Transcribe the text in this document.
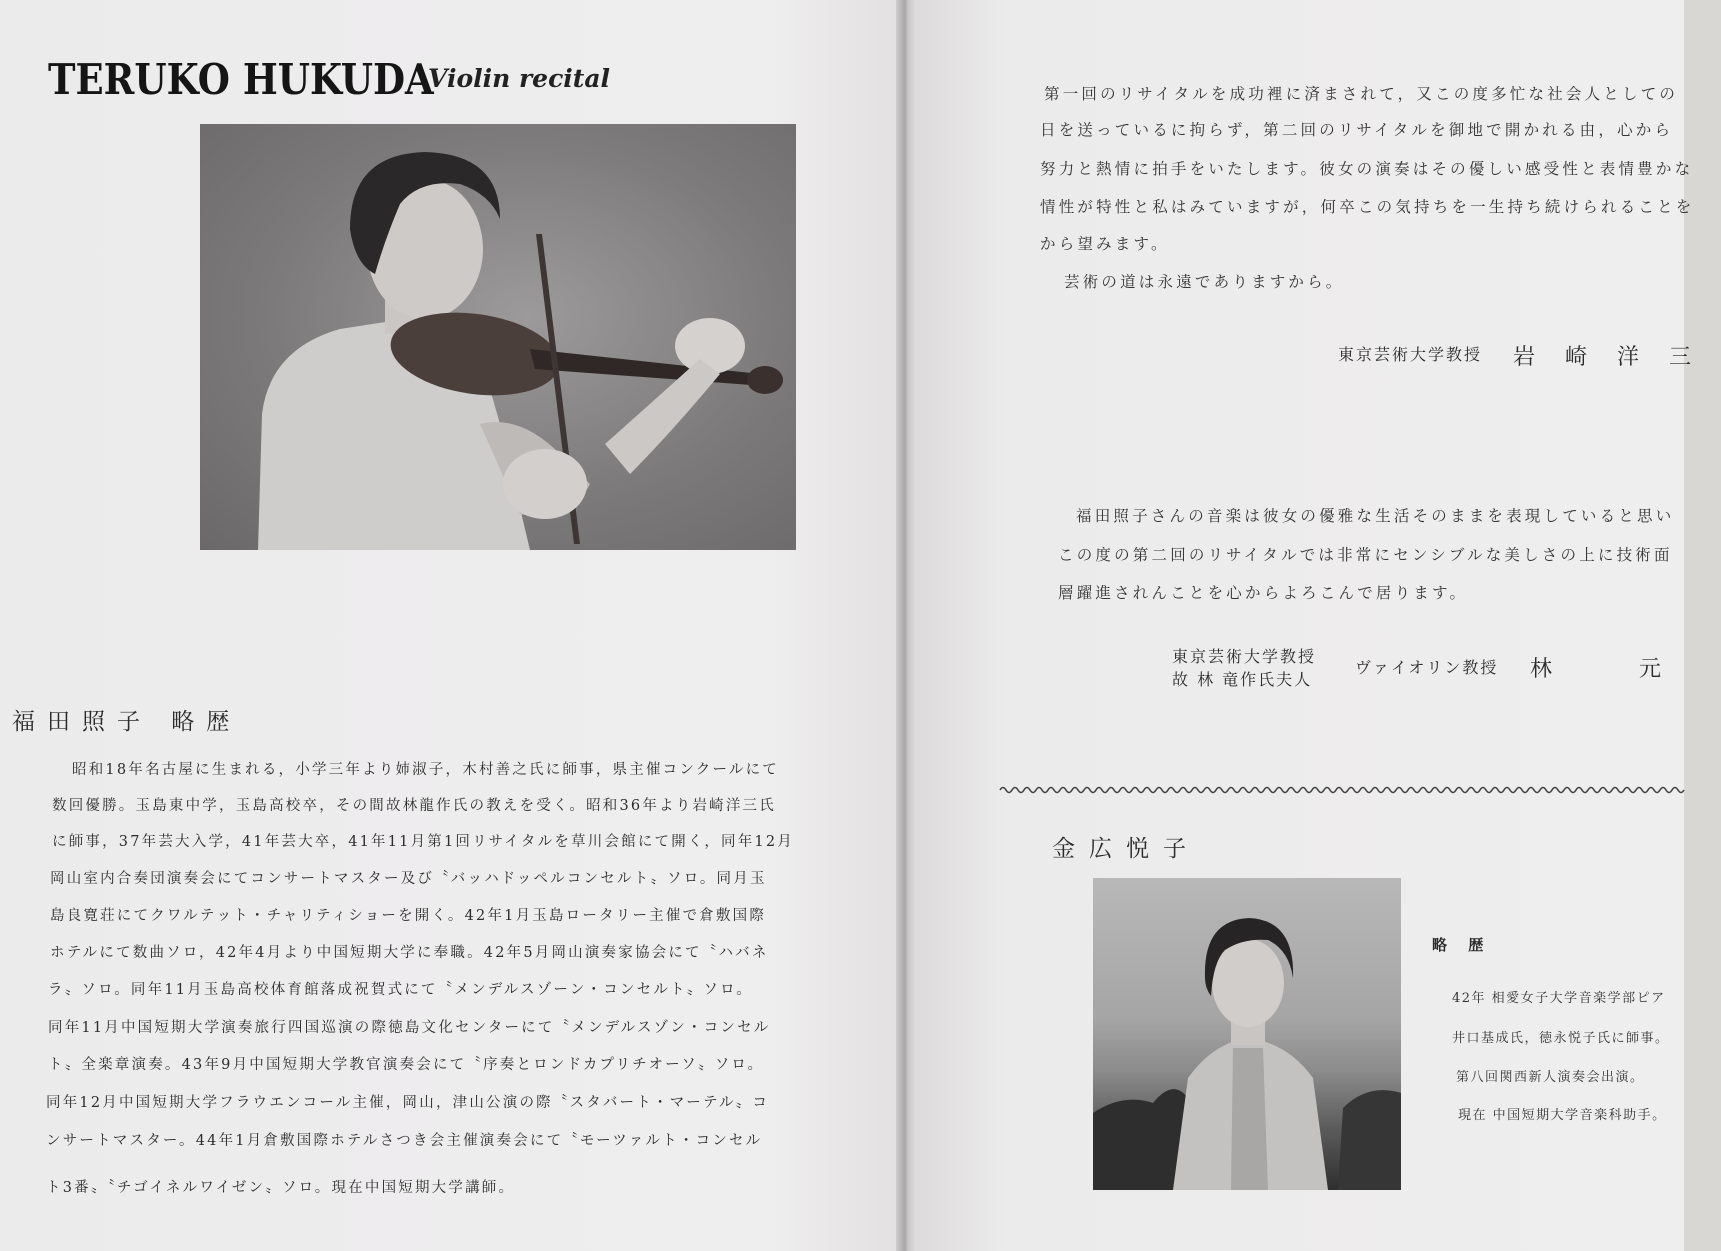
TERUKO HUKUDA
Violin recital
福田照子 略歴
昭和18年名古屋に生まれる，小学三年より姉淑子，木村善之氏に師事，県主催コンクールにて
数回優勝。玉島東中学，玉島高校卒，その間故林龍作氏の教えを受く。昭和36年より岩崎洋三氏
に師事，37年芸大入学，41年芸大卒，41年11月第1回リサイタルを草川会館にて開く，同年12月
岡山室内合奏団演奏会にてコンサートマスター及び〝バッハドッペルコンセルト〟ソロ。同月玉
島良寛荘にてクワルテット・チャリティショーを開く。42年1月玉島ロータリー主催で倉敷国際
ホテルにて数曲ソロ，42年4月より中国短期大学に奉職。42年5月岡山演奏家協会にて〝ハバネ
ラ〟ソロ。同年11月玉島高校体育館落成祝賀式にて〝メンデルスゾーン・コンセルト〟ソロ。
同年11月中国短期大学演奏旅行四国巡演の際徳島文化センターにて〝メンデルスゾン・コンセル
ト〟全楽章演奏。43年9月中国短期大学教官演奏会にて〝序奏とロンドカプリチオーソ〟ソロ。
同年12月中国短期大学フラウエンコール主催，岡山，津山公演の際〝スタバート・マーテル〟コ
ンサートマスター。44年1月倉敷国際ホテルさつき会主催演奏会にて〝モーツァルト・コンセル
ト3番〟〝チゴイネルワイゼン〟ソロ。現在中国短期大学講師。
第一回のリサイタルを成功裡に済まされて，又この度多忙な社会人としての
日を送っているに拘らず，第二回のリサイタルを御地で開かれる由，心から
努力と熱情に拍手をいたします。彼女の演奏はその優しい感受性と表情豊かな
情性が特性と私はみていますが，何卒この気持ちを一生持ち続けられることを
から望みます。
芸術の道は永遠でありますから。
東京芸術大学教授 岩崎洋三
福田照子さんの音楽は彼女の優雅な生活そのままを表現していると思い
この度の第二回のリサイタルでは非常にセンシブルな美しさの上に技術面
層躍進されんことを心からよろこんで居ります。
東京芸術大学教授
故 林 竜作氏夫人
ヴァイオリン教授 林 元
金広悦子
略 歴
42年 相愛女子大学音楽学部ピア
井口基成氏，徳永悦子氏に師事。
第八回関西新人演奏会出演。
現在 中国短期大学音楽科助手。
